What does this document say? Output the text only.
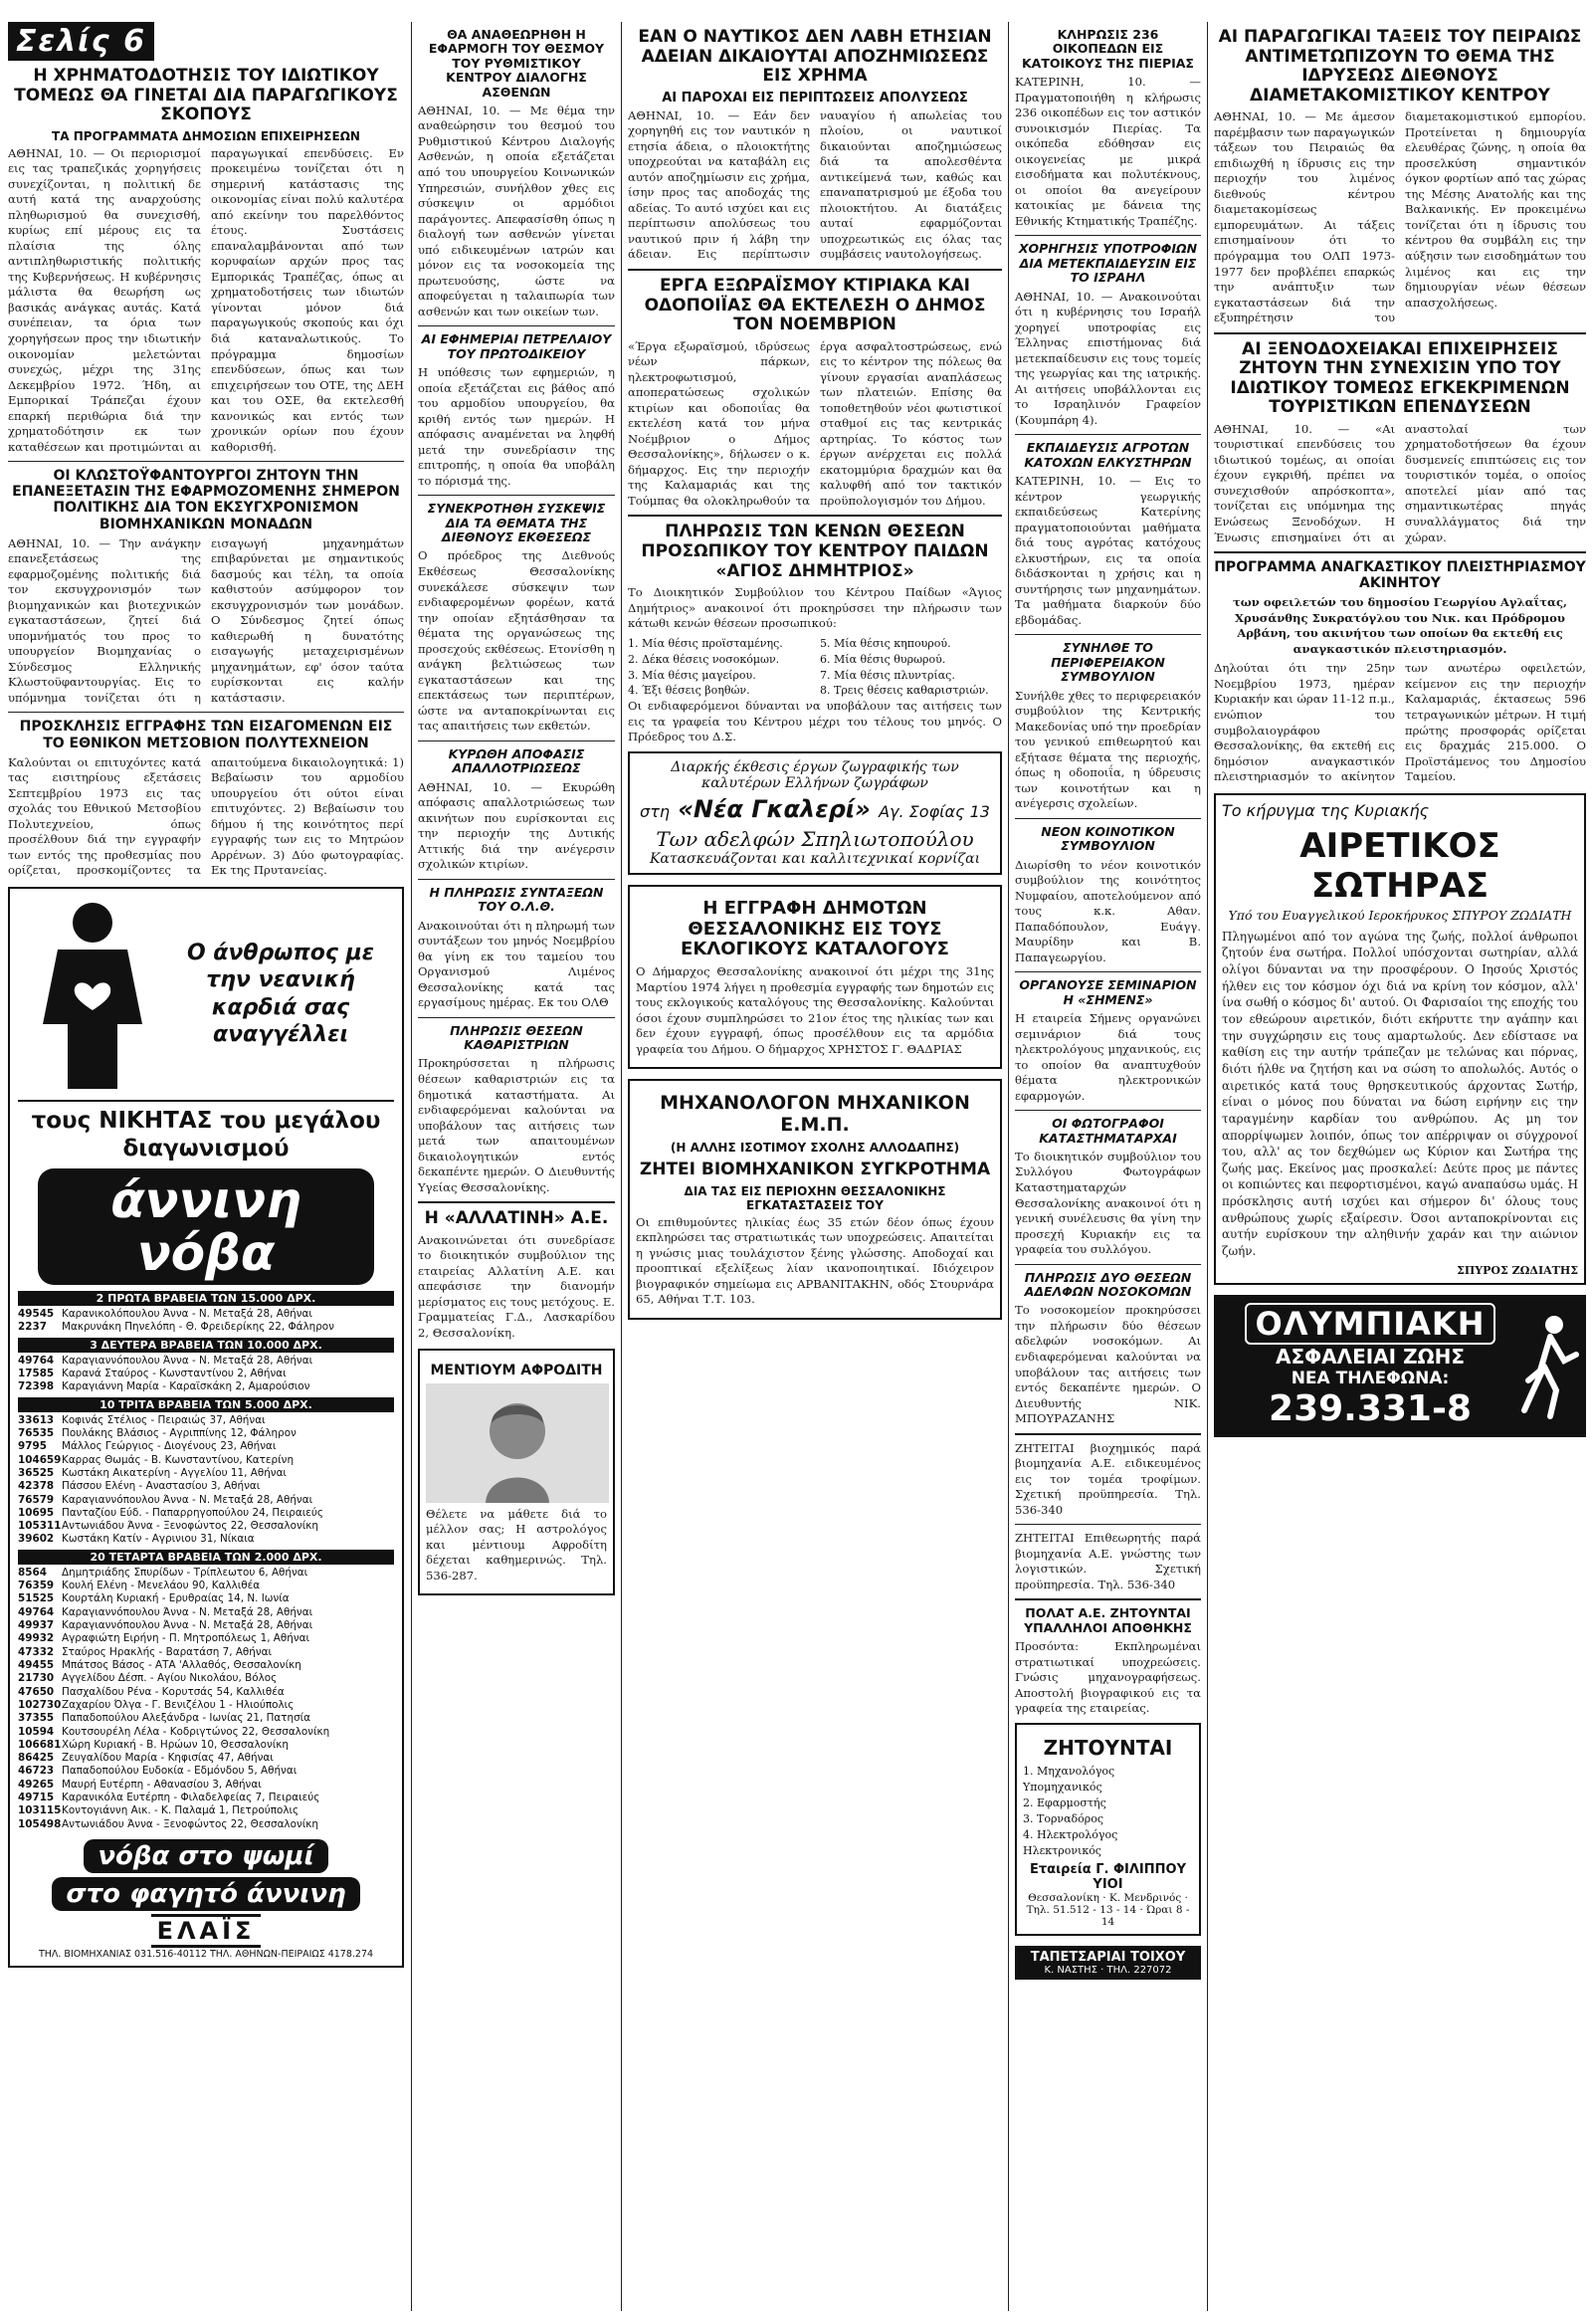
Σελίς 6
Η ΧΡΗΜΑΤΟΔΟΤΗΣΙΣ ΤΟΥ ΙΔΙΩΤΙΚΟΥ ΤΟΜΕΩΣ ΘΑ ΓΙΝΕΤΑΙ ΔΙΑ ΠΑΡΑΓΩΓΙΚΟΥΣ ΣΚΟΠΟΥΣ
ΤΑ ΠΡΟΓΡΑΜΜΑΤΑ ΔΗΜΟΣΙΩΝ ΕΠΙΧΕΙΡΗΣΕΩΝ
ΑΘΗΝΑΙ, 10. — Οι περιορισμοί εις τας τραπεζικάς χορηγήσεις συνεχίζονται, η πολιτική δε αυτή κατά της αναρχούσης πληθωρισμού θα συνεχισθή, κυρίως επί μέρους εις τα πλαίσια της όλης αντιπληθωριστικής πολιτικής της Κυβερνήσεως. Η κυβέρνησις μάλιστα θα θεωρήση ως βασικάς ανάγκας αυτάς. Κατά συνέπειαν, τα όρια των χορηγήσεων προς την ιδιωτικήν οικονομίαν μελετώνται συνεχώς, μέχρι της 31ης Δεκεμβρίου 1972. Ήδη, αι Εμπορικαί Τράπεζαι έχουν επαρκή περιθώρια διά την χρηματοδότησιν εκ των καταθέσεων και προτιμώνται αι παραγωγικαί επενδύσεις. Εν προκειμένω τονίζεται ότι η σημερινή κατάστασις της οικονομίας είναι πολύ καλυτέρα από εκείνην του παρελθόντος έτους. Συστάσεις επαναλαμβάνονται από των κορυφαίων αρχών προς τας Εμπορικάς Τραπέζας, όπως αι χρηματοδοτήσεις των ιδιωτών γίνονται μόνον διά παραγωγικούς σκοπούς και όχι διά καταναλωτικούς. Το πρόγραμμα δημοσίων επενδύσεων, όπως και των επιχειρήσεων του ΟΤΕ, της ΔΕΗ και του ΟΣΕ, θα εκτελεσθή κανονικώς και εντός των χρονικών ορίων που έχουν καθορισθή.
ΟΙ ΚΛΩΣΤΟΫΦΑΝΤΟΥΡΓΟΙ ΖΗΤΟΥΝ ΤΗΝ ΕΠΑΝΕΞΕΤΑΣΙΝ ΤΗΣ ΕΦΑΡΜΟΖΟΜΕΝΗΣ ΣΗΜΕΡΟΝ ΠΟΛΙΤΙΚΗΣ ΔΙΑ ΤΟΝ ΕΚΣΥΓΧΡΟΝΙΣΜΟΝ ΒΙΟΜΗΧΑΝΙΚΩΝ ΜΟΝΑΔΩΝ
ΑΘΗΝΑΙ, 10. — Την ανάγκην επανεξετάσεως της εφαρμοζομένης πολιτικής διά τον εκσυγχρονισμόν των βιομηχανικών και βιοτεχνικών εγκαταστάσεων, ζητεί διά υπομνήματός του προς το υπουργείον Βιομηχανίας ο Σύνδεσμος Ελληνικής Κλωστοϋφαντουργίας. Εις το υπόμνημα τονίζεται ότι η εισαγωγή μηχανημάτων επιβαρύνεται με σημαντικούς δασμούς και τέλη, τα οποία καθιστούν ασύμφορον τον εκσυγχρονισμόν των μονάδων. Ο Σύνδεσμος ζητεί όπως καθιερωθή η δυνατότης εισαγωγής μεταχειρισμένων μηχανημάτων, εφ' όσον ταύτα ευρίσκονται εις καλήν κατάστασιν.
ΠΡΟΣΚΛΗΣΙΣ ΕΓΓΡΑΦΗΣ ΤΩΝ ΕΙΣΑΓΟΜΕΝΩΝ ΕΙΣ ΤΟ ΕΘΝΙΚΟΝ ΜΕΤΣΟΒΙΟΝ ΠΟΛΥΤΕΧΝΕΙΟΝ
Καλούνται οι επιτυχόντες κατά τας εισιτηρίους εξετάσεις Σεπτεμβρίου 1973 εις τας σχολάς του Εθνικού Μετσοβίου Πολυτεχνείου, όπως προσέλθουν διά την εγγραφήν των εντός της προθεσμίας που ορίζεται, προσκομίζοντες τα απαιτούμενα δικαιολογητικά: 1) Βεβαίωσιν του αρμοδίου υπουργείου ότι ούτοι είναι επιτυχόντες. 2) Βεβαίωσιν του δήμου ή της κοινότητος περί εγγραφής των εις το Μητρώον Αρρένων. 3) Δύο φωτογραφίας. Εκ της Πρυτανείας.
Ο άνθρωπος με την νεανική καρδιά σας αναγγέλλει
τους ΝΙΚΗΤΑΣ του μεγάλου διαγωνισμού
άννινη νόβα
2 ΠΡΩΤΑ ΒΡΑΒΕΙΑ ΤΩΝ 15.000 ΔΡΧ.
49545 Καρανικολόπουλου Άννα - Ν. Μεταξά 28, Αθήναι
2237	Μακρυνάκη Πηνελόπη - Θ. Φρειδερίκης 22, Φάληρον
3 ΔΕΥΤΕΡΑ ΒΡΑΒΕΙΑ ΤΩΝ 10.000 ΔΡΧ.
49764 Καραγιαννόπουλου Άννα - Ν. Μεταξά 28, Αθήναι
17585 Καρανά Σταύρος - Κωνσταντίνου 2, Αθήναι
72398 Καραγιάννη Μαρία - Καραϊσκάκη 2, Αμαρούσιον
10 ΤΡΙΤΑ ΒΡΑΒΕΙΑ ΤΩΝ 5.000 ΔΡΧ.
33613 Κοφινάς Στέλιος - Πειραιώς 37, Αθήναι
76535 Πουλάκης Βλάσιος - Αγριππίνης 12, Φάληρον
9795	Μάλλος Γεώργιος - Διογένους 23, Αθήναι
104659 Καρρας Θωμάς - Β. Κωνσταντίνου, Κατερίνη
36525 Κωστάκη Αικατερίνη - Αγγελίου 11, Αθήναι
42378 Πάσσου Ελένη - Αναστασίου 3, Αθήναι
76579 Καραγιαννόπουλου Άννα - Ν. Μεταξά 28, Αθήναι
10695 Πανταζίου Εύδ. - Παπαρρηγοπούλου 24, Πειραιεύς
105311 Αντωνιάδου Άννα - Ξενοφώντος 22, Θεσσαλονίκη
39602 Κωστάκη Κατίν - Αγρινιου 31, Νίκαια
20 ΤΕΤΑΡΤΑ ΒΡΑΒΕΙΑ ΤΩΝ 2.000 ΔΡΧ.
8564	Δημητριάδης Σπυρίδων - Τρίπλεωτου 6, Αθήναι
76359 Κουλή Ελένη - Μενελάου 90, Καλλιθέα
51525 Κουρτάλη Κυριακή - Ερυθραίας 14, Ν. Ιωνία
49764 Καραγιαννόπουλου Άννα - Ν. Μεταξά 28, Αθήναι
49937 Καραγιαννόπουλου Άννα - Ν. Μεταξά 28, Αθήναι
49932 Αγραφιώτη Ειρήνη - Π. Μητροπόλεως 1, Αθήναι
47332 Σταύρος Ηρακλής - Βαρατάση 7, Αθήναι
49455 Μπάτσος Βάσος - ΑΤΑ 'Αλλαθός, Θεσσαλονίκη
21730 Αγγελίδου Δέσπ. - Αγίου Νικολάου, Βόλος
47650 Πασχαλίδου Ρένα - Κορυτσάς 54, Καλλιθέα
102730 Ζαχαρίου Όλγα - Γ. Βενιζέλου 1 - Ηλιούπολις
37355 Παπαδοπούλου Αλεξάνδρα - Ιωνίας 21, Πατησία
10594 Κουτσουρέλη Λέλα - Κοδριγτώνος 22, Θεσσαλονίκη
106681 Χώρη Κυριακή - Β. Ηρώων 10, Θεσσαλονίκη
86425 Ζευγαλίδου Μαρία - Κηφισίας 47, Αθήναι
46723 Παπαδοπούλου Ευδοκία - Εδμόνδου 5, Αθήναι
49265 Μαυρή Ευτέρπη - Αθανασίου 3, Αθήναι
49715 Καρανικόλα Ευτέρπη - Φιλαδελφείας 7, Πειραιεύς
103115 Κοντογιάννη Αικ. - Κ. Παλαμά 1, Πετρούπολις
105498 Αντωνιάδου Άννα - Ξενοφώντος 22, Θεσσαλονίκη
νόβα στο ψωμί
στο φαγητό άννινη
ΕΛΑΪΣ
ΤΗΛ. ΒΙΟΜΗΧΑΝΙΑΣ 031.516-40112 ΤΗΛ. ΑΘΗΝΩΝ-ΠΕΙΡΑΙΩΣ 4178.274
ΘΑ ΑΝΑΘΕΩΡΗΘΗ Η ΕΦΑΡΜΟΓΗ ΤΟΥ ΘΕΣΜΟΥ ΤΟΥ ΡΥΘΜΙΣΤΙΚΟΥ ΚΕΝΤΡΟΥ ΔΙΑΛΟΓΗΣ ΑΣΘΕΝΩΝ
ΑΘΗΝΑΙ, 10. — Με θέμα την αναθεώρησιν του θεσμού του Ρυθμιστικού Κέντρου Διαλογής Ασθενών, η οποία εξετάζεται από του υπουργείου Κοινωνικών Υπηρεσιών, συνήλθον χθες εις σύσκεψιν οι αρμόδιοι παράγοντες. Απεφασίσθη όπως η διαλογή των ασθενών γίνεται υπό ειδικευμένων ιατρών και μόνον εις τα νοσοκομεία της πρωτευούσης, ώστε να αποφεύγεται η ταλαιπωρία των ασθενών και των οικείων των.
ΑΙ ΕΦΗΜΕΡΙΑΙ ΠΕΤΡΕΛΑΙΟΥ ΤΟΥ ΠΡΩΤΟΔΙΚΕΙΟΥ
Η υπόθεσις των εφημεριών, η οποία εξετάζεται εις βάθος από του αρμοδίου υπουργείου, θα κριθή εντός των ημερών. Η απόφασις αναμένεται να ληφθή μετά την συνεδρίασιν της επιτροπής, η οποία θα υποβάλη το πόρισμά της.
ΣΥΝΕΚΡΟΤΗΘΗ ΣΥΣΚΕΨΙΣ ΔΙΑ ΤΑ ΘΕΜΑΤΑ ΤΗΣ ΔΙΕΘΝΟΥΣ ΕΚΘΕΣΕΩΣ
Ο πρόεδρος της Διεθνούς Εκθέσεως Θεσσαλονίκης συνεκάλεσε σύσκεψιν των ενδιαφερομένων φορέων, κατά την οποίαν εξητάσθησαν τα θέματα της οργανώσεως της προσεχούς εκθέσεως. Ετονίσθη η ανάγκη βελτιώσεως των εγκαταστάσεων και της επεκτάσεως των περιπτέρων, ώστε να ανταποκρίνωνται εις τας απαιτήσεις των εκθετών.
ΚΥΡΩΘΗ ΑΠΟΦΑΣΙΣ ΑΠΑΛΛΟΤΡΙΩΣΕΩΣ
ΑΘΗΝΑΙ, 10. — Εκυρώθη απόφασις απαλλοτριώσεως των ακινήτων που ευρίσκονται εις την περιοχήν της Δυτικής Αττικής διά την ανέγερσιν σχολικών κτιρίων.
Η ΠΛΗΡΩΣΙΣ ΣΥΝΤΑΞΕΩΝ ΤΟΥ Ο.Λ.Θ.
Ανακοινούται ότι η πληρωμή των συντάξεων του μηνός Νοεμβρίου θα γίνη εκ του ταμείου του Οργανισμού Λιμένος Θεσσαλονίκης κατά τας εργασίμους ημέρας. Εκ του ΟΛΘ
ΠΛΗΡΩΣΙΣ ΘΕΣΕΩΝ ΚΑΘΑΡΙΣΤΡΙΩΝ
Προκηρύσσεται η πλήρωσις θέσεων καθαριστριών εις τα δημοτικά καταστήματα. Αι ενδιαφερόμεναι καλούνται να υποβάλουν τας αιτήσεις των μετά των απαιτουμένων δικαιολογητικών εντός δεκαπέντε ημερών. Ο Διευθυντής Υγείας Θεσσαλονίκης.
Η «ΑΛΛΑΤΙΝΗ» Α.Ε.
Ανακοινώνεται ότι συνεδρίασε το διοικητικόν συμβούλιον της εταιρείας Αλλατίνη Α.Ε. και απεφάσισε την διανομήν μερίσματος εις τους μετόχους. Ε. Γραμματείας Γ.Δ., Λασκαρίδου 2, Θεσσαλονίκη.
ΜΕΝΤΙΟΥΜ ΑΦΡΟΔΙΤΗ
Θέλετε να μάθετε διά το μέλλον σας; Η αστρολόγος και μέντιουμ Αφροδίτη δέχεται καθημερινώς. Τηλ. 536-287.
ΕΑΝ Ο ΝΑΥΤΙΚΟΣ ΔΕΝ ΛΑΒΗ ΕΤΗΣΙΑΝ ΑΔΕΙΑΝ ΔΙΚΑΙΟΥΤΑΙ ΑΠΟΖΗΜΙΩΣΕΩΣ ΕΙΣ ΧΡΗΜΑ
ΑΙ ΠΑΡΟΧΑΙ ΕΙΣ ΠΕΡΙΠΤΩΣΕΙΣ ΑΠΟΛΥΣΕΩΣ
ΑΘΗΝΑΙ, 10. — Εάν δεν χορηγηθή εις τον ναυτικόν η ετησία άδεια, ο πλοιοκτήτης υποχρεούται να καταβάλη εις αυτόν αποζημίωσιν εις χρήμα, ίσην προς τας αποδοχάς της αδείας. Το αυτό ισχύει και εις περίπτωσιν απολύσεως του ναυτικού πριν ή λάβη την άδειαν. Εις περίπτωσιν ναυαγίου ή απωλείας του πλοίου, οι ναυτικοί δικαιούνται αποζημιώσεως διά τα απολεσθέντα αντικείμενά των, καθώς και επαναπατρισμού με έξοδα του πλοιοκτήτου. Αι διατάξεις αυταί εφαρμόζονται υποχρεωτικώς εις όλας τας συμβάσεις ναυτολογήσεως.
ΕΡΓΑ ΕΞΩΡΑΪΣΜΟΥ ΚΤΙΡΙΑΚΑ ΚΑΙ ΟΔΟΠΟΙΪΑΣ ΘΑ ΕΚΤΕΛΕΣΗ Ο ΔΗΜΟΣ ΤΟΝ ΝΟΕΜΒΡΙΟΝ
«Έργα εξωραϊσμού, ιδρύσεως νέων πάρκων, ηλεκτροφωτισμού, αποπερατώσεως σχολικών κτιρίων και οδοποιΐας θα εκτελέση κατά τον μήνα Νοέμβριον ο Δήμος Θεσσαλονίκης», δήλωσεν ο κ. δήμαρχος. Εις την περιοχήν της Καλαμαριάς και της Τούμπας θα ολοκληρωθούν τα έργα ασφαλτοστρώσεως, ενώ εις το κέντρον της πόλεως θα γίνουν εργασίαι αναπλάσεως των πλατειών. Επίσης θα τοποθετηθούν νέοι φωτιστικοί σταθμοί εις τας κεντρικάς αρτηρίας. Το κόστος των έργων ανέρχεται εις πολλά εκατομμύρια δραχμών και θα καλυφθή από τον τακτικόν προϋπολογισμόν του Δήμου.
ΠΛΗΡΩΣΙΣ ΤΩΝ ΚΕΝΩΝ ΘΕΣΕΩΝ ΠΡΟΣΩΠΙΚΟΥ ΤΟΥ ΚΕΝΤΡΟΥ ΠΑΙΔΩΝ «ΑΓΙΟΣ ΔΗΜΗΤΡΙΟΣ»
Το Διοικητικόν Συμβούλιον του Κέντρου Παίδων «Άγιος Δημήτριος» ανακοινοί ότι προκηρύσσει την πλήρωσιν των κάτωθι κενών θέσεων προσωπικού:
1. Μία θέσις προϊσταμένης.
2. Δέκα θέσεις νοσοκόμων.
3. Μία θέσις μαγείρου.
4. Έξι θέσεις βοηθών.
5. Μία θέσις κηπουρού.
6. Μία θέσις θυρωρού.
7. Μία θέσις πλυντρίας.
8. Τρεις θέσεις καθαριστριών.
Οι ενδιαφερόμενοι δύνανται να υποβάλουν τας αιτήσεις των εις τα γραφεία του Κέντρου μέχρι του τέλους του μηνός. Ο Πρόεδρος του Δ.Σ.
Διαρκής έκθεσις έργων ζωγραφικής των καλυτέρων Ελλήνων ζωγράφων
στη «Νέα Γκαλερί» Αγ. Σοφίας 13
Των αδελφών Σπηλιωτοπούλου
Κατασκευάζονται και καλλιτεχνικαί κορνίζαι
Η ΕΓΓΡΑΦΗ ΔΗΜΟΤΩΝ ΘΕΣΣΑΛΟΝΙΚΗΣ ΕΙΣ ΤΟΥΣ ΕΚΛΟΓΙΚΟΥΣ ΚΑΤΑΛΟΓΟΥΣ
Ο Δήμαρχος Θεσσαλονίκης ανακοινοί ότι μέχρι της 31ης Μαρτίου 1974 λήγει η προθεσμία εγγραφής των δημοτών εις τους εκλογικούς καταλόγους της Θεσσαλονίκης. Καλούνται όσοι έχουν συμπληρώσει το 21ον έτος της ηλικίας των και δεν έχουν εγγραφή, όπως προσέλθουν εις τα αρμόδια γραφεία του Δήμου. Ο δήμαρχος ΧΡΗΣΤΟΣ Γ. ΘΑΔΡΙΑΣ
ΜΗΧΑΝΟΛΟΓΟΝ ΜΗΧΑΝΙΚΟΝ Ε.Μ.Π.
(Η ΑΛΛΗΣ ΙΣΟΤΙΜΟΥ ΣΧΟΛΗΣ ΑΛΛΟΔΑΠΗΣ)
ΖΗΤΕΙ ΒΙΟΜΗΧΑΝΙΚΟΝ ΣΥΓΚΡΟΤΗΜΑ
ΔΙΑ ΤΑΣ ΕΙΣ ΠΕΡΙΟΧΗΝ ΘΕΣΣΑΛΟΝΙΚΗΣ ΕΓΚΑΤΑΣΤΑΣΕΙΣ ΤΟΥ
Οι επιθυμούντες ηλικίας έως 35 ετών δέον όπως έχουν εκπληρώσει τας στρατιωτικάς των υποχρεώσεις. Απαιτείται η γνώσις μιας τουλάχιστον ξένης γλώσσης. Αποδοχαί και προοπτικαί εξελίξεως λίαν ικανοποιητικαί. Ιδιόχειρον βιογραφικόν σημείωμα εις ΑΡΒΑΝΙΤΑΚΗΝ, οδός Στουρνάρα 65, Αθήναι Τ.Τ. 103.
ΚΛΗΡΩΣΙΣ 236 ΟΙΚΟΠΕΔΩΝ ΕΙΣ ΚΑΤΟΙΚΟΥΣ ΤΗΣ ΠΙΕΡΙΑΣ
ΚΑΤΕΡΙΝΗ, 10. — Πραγματοποιήθη η κλήρωσις 236 οικοπέδων εις τον αστικόν συνοικισμόν Πιερίας. Τα οικόπεδα εδόθησαν εις οικογενείας με μικρά εισοδήματα και πολυτέκνους, οι οποίοι θα ανεγείρουν κατοικίας με δάνεια της Εθνικής Κτηματικής Τραπέζης.
ΧΟΡΗΓΗΣΙΣ ΥΠΟΤΡΟΦΙΩΝ ΔΙΑ ΜΕΤΕΚΠΑΙΔΕΥΣΙΝ ΕΙΣ ΤΟ ΙΣΡΑΗΛ
ΑΘΗΝΑΙ, 10. — Ανακοινούται ότι η κυβέρνησις του Ισραήλ χορηγεί υποτροφίας εις Έλληνας επιστήμονας διά μετεκπαίδευσιν εις τους τομείς της γεωργίας και της ιατρικής. Αι αιτήσεις υποβάλλονται εις το Ισραηλινόν Γραφείον (Κουμπάρη 4).
ΕΚΠΑΙΔΕΥΣΙΣ ΑΓΡΟΤΩΝ ΚΑΤΟΧΩΝ ΕΛΚΥΣΤΗΡΩΝ
ΚΑΤΕΡΙΝΗ, 10. — Εις το κέντρον γεωργικής εκπαιδεύσεως Κατερίνης πραγματοποιούνται μαθήματα διά τους αγρότας κατόχους ελκυστήρων, εις τα οποία διδάσκονται η χρήσις και η συντήρησις των μηχανημάτων. Τα μαθήματα διαρκούν δύο εβδομάδας.
ΣΥΝΗΛΘΕ ΤΟ ΠΕΡΙΦΕΡΕΙΑΚΟΝ ΣΥΜΒΟΥΛΙΟΝ
Συνήλθε χθες το περιφερειακόν συμβούλιον της Κεντρικής Μακεδονίας υπό την προεδρίαν του γενικού επιθεωρητού και εξήτασε θέματα της περιοχής, όπως η οδοποιΐα, η ύδρευσις των κοινοτήτων και η ανέγερσις σχολείων.
ΝΕΟΝ ΚΟΙΝΟΤΙΚΟΝ ΣΥΜΒΟΥΛΙΟΝ
Διωρίσθη το νέον κοινοτικόν συμβούλιον της κοινότητος Νυμφαίου, αποτελούμενον από τους κ.κ. Αθαν. Παπαδόπουλον, Ευάγγ. Μαυρίδην και Β. Παπαγεωργίου.
ΟΡΓΑΝΟΥΣΕ ΣΕΜΙΝΑΡΙΟΝ Η «ΣΗΜΕΝΣ»
Η εταιρεία Σήμενς οργανώνει σεμινάριον διά τους ηλεκτρολόγους μηχανικούς, εις το οποίον θα αναπτυχθούν θέματα ηλεκτρονικών εφαρμογών.
ΟΙ ΦΩΤΟΓΡΑΦΟΙ ΚΑΤΑΣΤΗΜΑΤΑΡΧΑΙ
Το διοικητικόν συμβούλιον του Συλλόγου Φωτογράφων Καταστηματαρχών Θεσσαλονίκης ανακοινοί ότι η γενική συνέλευσις θα γίνη την προσεχή Κυριακήν εις τα γραφεία του συλλόγου.
ΠΛΗΡΩΣΙΣ ΔΥΟ ΘΕΣΕΩΝ ΑΔΕΛΦΩΝ ΝΟΣΟΚΟΜΩΝ
Το νοσοκομείον προκηρύσσει την πλήρωσιν δύο θέσεων αδελφών νοσοκόμων. Αι ενδιαφερόμεναι καλούνται να υποβάλουν τας αιτήσεις των εντός δεκαπέντε ημερών. Ο Διευθυντής ΝΙΚ. ΜΠΟΥΡΑΖΑΝΗΣ
ΖΗΤΕΙΤΑΙ βιοχημικός παρά βιομηχανία Α.Ε. ειδικευμένος εις τον τομέα τροφίμων. Σχετική προϋπηρεσία. Τηλ. 536-340
ΖΗΤΕΙΤΑΙ Επιθεωρητής παρά βιομηχανία Α.Ε. γνώστης των λογιστικών. Σχετική προϋπηρεσία. Τηλ. 536-340
ΠΟΛΑΤ Α.Ε. ΖΗΤΟΥΝΤΑΙ ΥΠΑΛΛΗΛΟΙ ΑΠΟΘΗΚΗΣ
Προσόντα: Εκπληρωμέναι στρατιωτικαί υποχρεώσεις. Γνώσις μηχανογραφήσεως. Αποστολή βιογραφικού εις τα γραφεία της εταιρείας.
ΖΗΤΟΥΝΤΑΙ
1. Μηχανολόγος Υπομηχανικός
2. Εφαρμοστής
3. Τορναδόρος
4. Ηλεκτρολόγος Ηλεκτρονικός
Εταιρεία Γ. ΦΙΛΙΠΠΟΥ ΥΙΟΙ
Θεσσαλονίκη · Κ. Μενδρινός · Τηλ. 51.512 - 13 - 14 · Ώραι 8 - 14
ΤΑΠΕΤΣΑΡΙΑΙ ΤΟΙΧΟΥ
Κ. ΝΑΣΤΗΣ · ΤΗΛ. 227072
ΑΙ ΠΑΡΑΓΩΓΙΚΑΙ ΤΑΞΕΙΣ ΤΟΥ ΠΕΙΡΑΙΩΣ ΑΝΤΙΜΕΤΩΠΙΖΟΥΝ ΤΟ ΘΕΜΑ ΤΗΣ ΙΔΡΥΣΕΩΣ ΔΙΕΘΝΟΥΣ ΔΙΑΜΕΤΑΚΟΜΙΣΤΙΚΟΥ ΚΕΝΤΡΟΥ
ΑΘΗΝΑΙ, 10. — Με άμεσον παρέμβασιν των παραγωγικών τάξεων του Πειραιώς θα επιδιωχθή η ίδρυσις εις την περιοχήν του λιμένος διεθνούς κέντρου διαμετακομίσεως εμπορευμάτων. Αι τάξεις επισημαίνουν ότι το πρόγραμμα του ΟΛΠ 1973-1977 δεν προβλέπει επαρκώς την ανάπτυξιν των εγκαταστάσεων διά την εξυπηρέτησιν του διαμετακομιστικού εμπορίου. Προτείνεται η δημιουργία ελευθέρας ζώνης, η οποία θα προσελκύση σημαντικόν όγκον φορτίων από τας χώρας της Μέσης Ανατολής και της Βαλκανικής. Εν προκειμένω τονίζεται ότι η ίδρυσις του κέντρου θα συμβάλη εις την αύξησιν των εισοδημάτων του λιμένος και εις την δημιουργίαν νέων θέσεων απασχολήσεως.
ΑΙ ΞΕΝΟΔΟΧΕΙΑΚΑΙ ΕΠΙΧΕΙΡΗΣΕΙΣ ΖΗΤΟΥΝ ΤΗΝ ΣΥΝΕΧΙΣΙΝ ΥΠΟ ΤΟΥ ΙΔΙΩΤΙΚΟΥ ΤΟΜΕΩΣ ΕΓΚΕΚΡΙΜΕΝΩΝ ΤΟΥΡΙΣΤΙΚΩΝ ΕΠΕΝΔΥΣΕΩΝ
ΑΘΗΝΑΙ, 10. — «Αι τουριστικαί επενδύσεις του ιδιωτικού τομέως, αι οποίαι έχουν εγκριθή, πρέπει να συνεχισθούν απρόσκοπτα», τονίζεται εις υπόμνημα της Ενώσεως Ξενοδόχων. Η Ένωσις επισημαίνει ότι αι αναστολαί των χρηματοδοτήσεων θα έχουν δυσμενείς επιπτώσεις εις τον τουριστικόν τομέα, ο οποίος αποτελεί μίαν από τας σημαντικωτέρας πηγάς συναλλάγματος διά την χώραν.
ΠΡΟΓΡΑΜΜΑ ΑΝΑΓΚΑΣΤΙΚΟΥ ΠΛΕΙΣΤΗΡΙΑΣΜΟΥ ΑΚΙΝΗΤΟΥ
των οφειλετών του δημοσίου Γεωργίου Αγλαΐτας, Χρυσάνθης Συκρατόγλου του Νικ. και Πρόδρομου Αρβάνη, του ακινήτου των οποίων θα εκτεθή εις αναγκαστικόν πλειστηριασμόν.
Δηλούται ότι την 25ην Νοεμβρίου 1973, ημέραν Κυριακήν και ώραν 11-12 π.μ., ενώπιον του συμβολαιογράφου Θεσσαλονίκης, θα εκτεθή εις δημόσιον αναγκαστικόν πλειστηριασμόν το ακίνητον των ανωτέρω οφειλετών, κείμενον εις την περιοχήν Καλαμαριάς, έκτασεως 596 τετραγωνικών μέτρων. Η τιμή πρώτης προσφοράς ορίζεται εις δραχμάς 215.000. Ο Προϊστάμενος του Δημοσίου Ταμείου.
Το κήρυγμα της Κυριακής
ΑΙΡΕΤΙΚΟΣ ΣΩΤΗΡΑΣ
Υπό του Ευαγγελικού Ιεροκήρυκος ΣΠΥΡΟΥ ΖΩΔΙΑΤΗ
Πληγωμένοι από τον αγώνα της ζωής, πολλοί άνθρωποι ζητούν ένα σωτήρα. Πολλοί υπόσχονται σωτηρίαν, αλλά ολίγοι δύνανται να την προσφέρουν. Ο Ιησούς Χριστός ήλθεν εις τον κόσμον όχι διά να κρίνη τον κόσμον, αλλ' ίνα σωθή ο κόσμος δι' αυτού. Οι Φαρισαίοι της εποχής του τον εθεώρουν αιρετικόν, διότι εκήρυττε την αγάπην και την συγχώρησιν εις τους αμαρτωλούς. Δεν εδίστασε να καθίση εις την αυτήν τράπεζαν με τελώνας και πόρνας, διότι ήλθε να ζητήση και να σώση το απολωλός. Αυτός ο αιρετικός κατά τους θρησκευτικούς άρχοντας Σωτήρ, είναι ο μόνος που δύναται να δώση ειρήνην εις την ταραγμένην καρδίαν του ανθρώπου. Ας μη τον απορρίψωμεν λοιπόν, όπως τον απέρριψαν οι σύγχρονοί του, αλλ' ας τον δεχθώμεν ως Κύριον και Σωτήρα της ζωής μας. Εκείνος μας προσκαλεί: Δεύτε προς με πάντες οι κοπιώντες και πεφορτισμένοι, καγώ αναπαύσω υμάς. Η πρόσκλησις αυτή ισχύει και σήμερον δι' όλους τους ανθρώπους χωρίς εξαίρεσιν. Όσοι ανταποκρίνονται εις αυτήν ευρίσκουν την αληθινήν χαράν και την αιώνιον ζωήν.
ΣΠΥΡΟΣ ΖΩΔΙΑΤΗΣ
ΟΛΥΜΠΙΑΚΗ
ΑΣΦΑΛΕΙΑΙ ΖΩΗΣ
ΝΕΑ ΤΗΛΕΦΩΝΑ:
239.331-8
